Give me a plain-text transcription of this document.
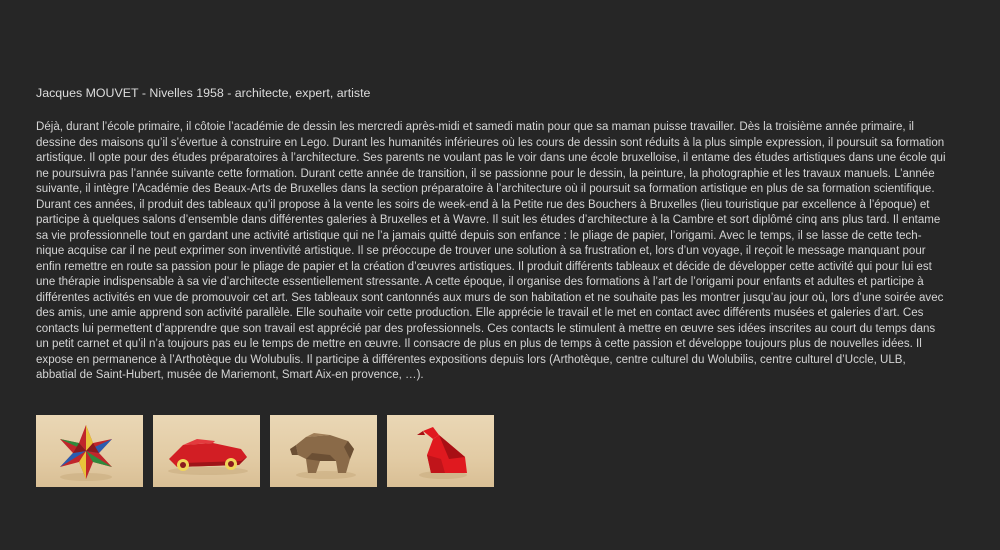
Jacques MOUVET - Nivelles 1958 - architecte, expert, artiste
Déjà, durant l’école primaire, il côtoie l’académie de dessin les mercredi après-midi et samedi matin pour que sa maman puisse travailler. Dès la troisième année primaire, il
dessine des maisons qu’il s’évertue à construire en Lego. Durant les humanités inférieures où les cours de dessin sont réduits à la plus simple expression, il poursuit sa formation
artistique. Il opte pour des études préparatoires à l’architecture. Ses parents ne voulant pas le voir dans une école bruxelloise, il entame des études artistiques dans une école qui
ne poursuivra pas l’année suivante cette formation. Durant cette année de transition, il se passionne pour le dessin, la peinture, la photographie et les travaux manuels. L’année
suivante, il intègre l’Académie des Beaux-Arts de Bruxelles dans la section préparatoire à l’architecture où il poursuit sa formation artistique en plus de sa formation scientifique.
Durant ces années, il produit des tableaux qu’il propose à la vente les soirs de week-end à la Petite rue des Bouchers à Bruxelles (lieu touristique par excellence à l’époque) et
participe à quelques salons d’ensemble dans différentes galeries à Bruxelles et à Wavre. Il suit les études d’architecture à la Cambre et sort diplômé cinq ans plus tard. Il entame
sa vie professionnelle tout en gardant une activité artistique qui ne l’a jamais quitté depuis son enfance : le pliage de papier, l’origami. Avec le temps, il se lasse de cette tech-
nique acquise car il ne peut exprimer son inventivité artistique. Il se préoccupe de trouver une solution à sa frustration et, lors d’un voyage, il reçoit le message manquant pour
enfin remettre en route sa passion pour le pliage de papier et la création d’œuvres artistiques. Il produit différents tableaux et décide de développer cette activité qui pour lui est
une thérapie indispensable à sa vie d’architecte essentiellement stressante. A cette époque, il organise des formations à l’art de l’origami pour enfants et adultes et participe à
différentes activités en vue de promouvoir cet art. Ses tableaux sont cantonnés aux murs de son habitation et ne souhaite pas les montrer jusqu’au jour où, lors d’une soirée avec
des amis, une amie apprend son activité parallèle. Elle souhaite voir cette production. Elle apprécie le travail et le met en contact avec différents musées et galeries d’art. Ces
contacts lui permettent d’apprendre que son travail est apprécié par des professionnels. Ces contacts le stimulent à mettre en œuvre ses idées inscrites au court du temps dans
un petit carnet et qu’il n’a toujours pas eu le temps de mettre en œuvre. Il consacre de plus en plus de temps à cette passion et développe toujours plus de nouvelles idées. Il
expose en permanence à l’Arthotèque du Wolubulis. Il participe à différentes expositions depuis lors (Arthotèque, centre culturel du Wolubilis, centre culturel d’Uccle, ULB,
abbatial de Saint-Hubert, musée de Mariemont, Smart Aix-en provence, …).
